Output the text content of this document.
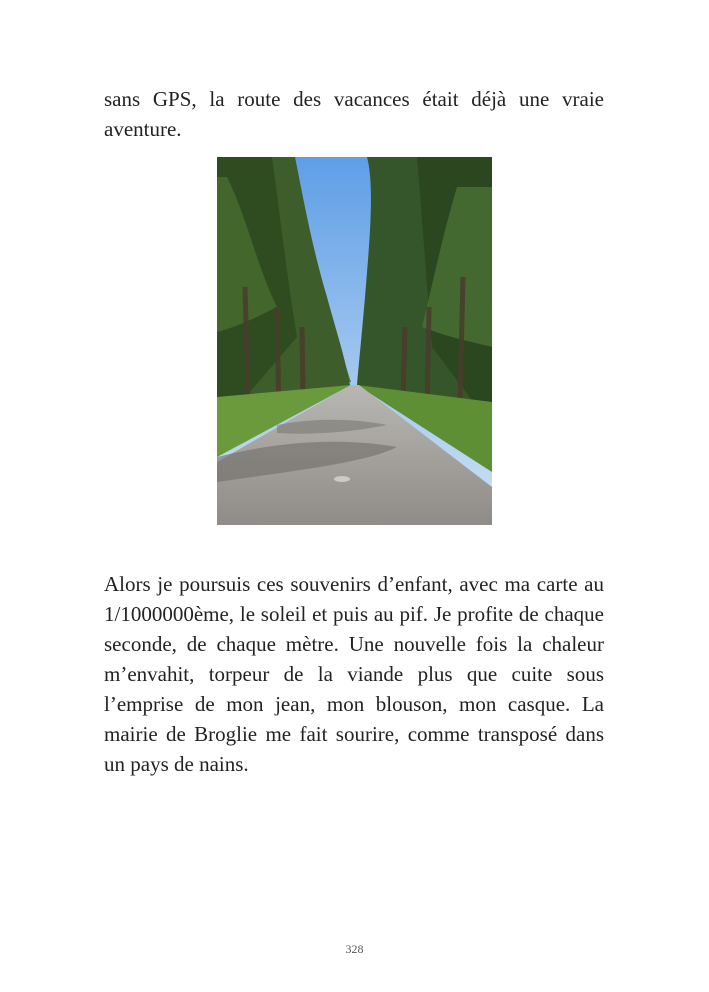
sans GPS, la route des vacances était déjà une vraie aventure.

Alors je poursuis ces souvenirs d’enfant, avec ma carte au 1/1000000ème, le soleil et puis au pif. Je profite de chaque seconde, de chaque mètre. Une nouvelle fois la chaleur m’envahit, torpeur de la viande plus que cuite sous l’emprise de mon jean, mon blouson, mon casque. La mairie de Broglie me fait sourire, comme transposé dans un pays de nains.

328
